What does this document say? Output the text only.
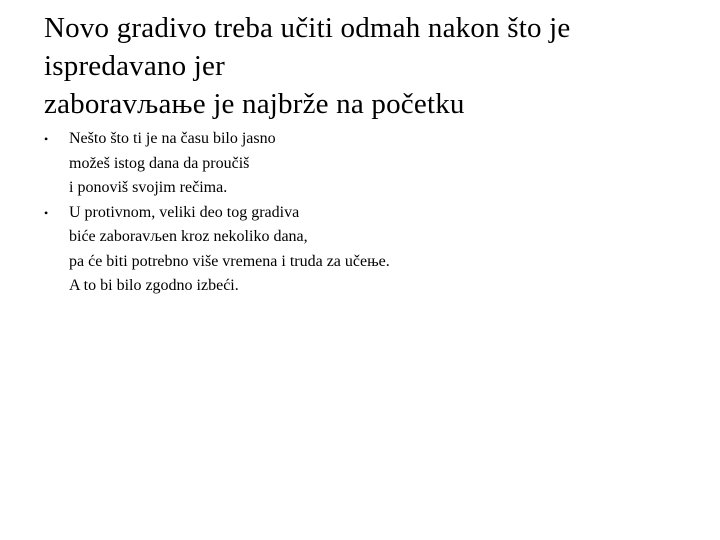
Novo gradivo treba učiti odmah nakon što je
ispredavano jer
zaboravљaњe je najbrže na početku
• Nešto što ti je na času bilo jasno
možeš istog dana da proučiš
i ponoviš svojim rečima.
• U protivnom, veliki deo tog gradiva
biće zaboravљen kroz nekoliko dana,
pa će biti potrebno više vremena i truda za učeњe.
A to bi bilo zgodno izbeći.
